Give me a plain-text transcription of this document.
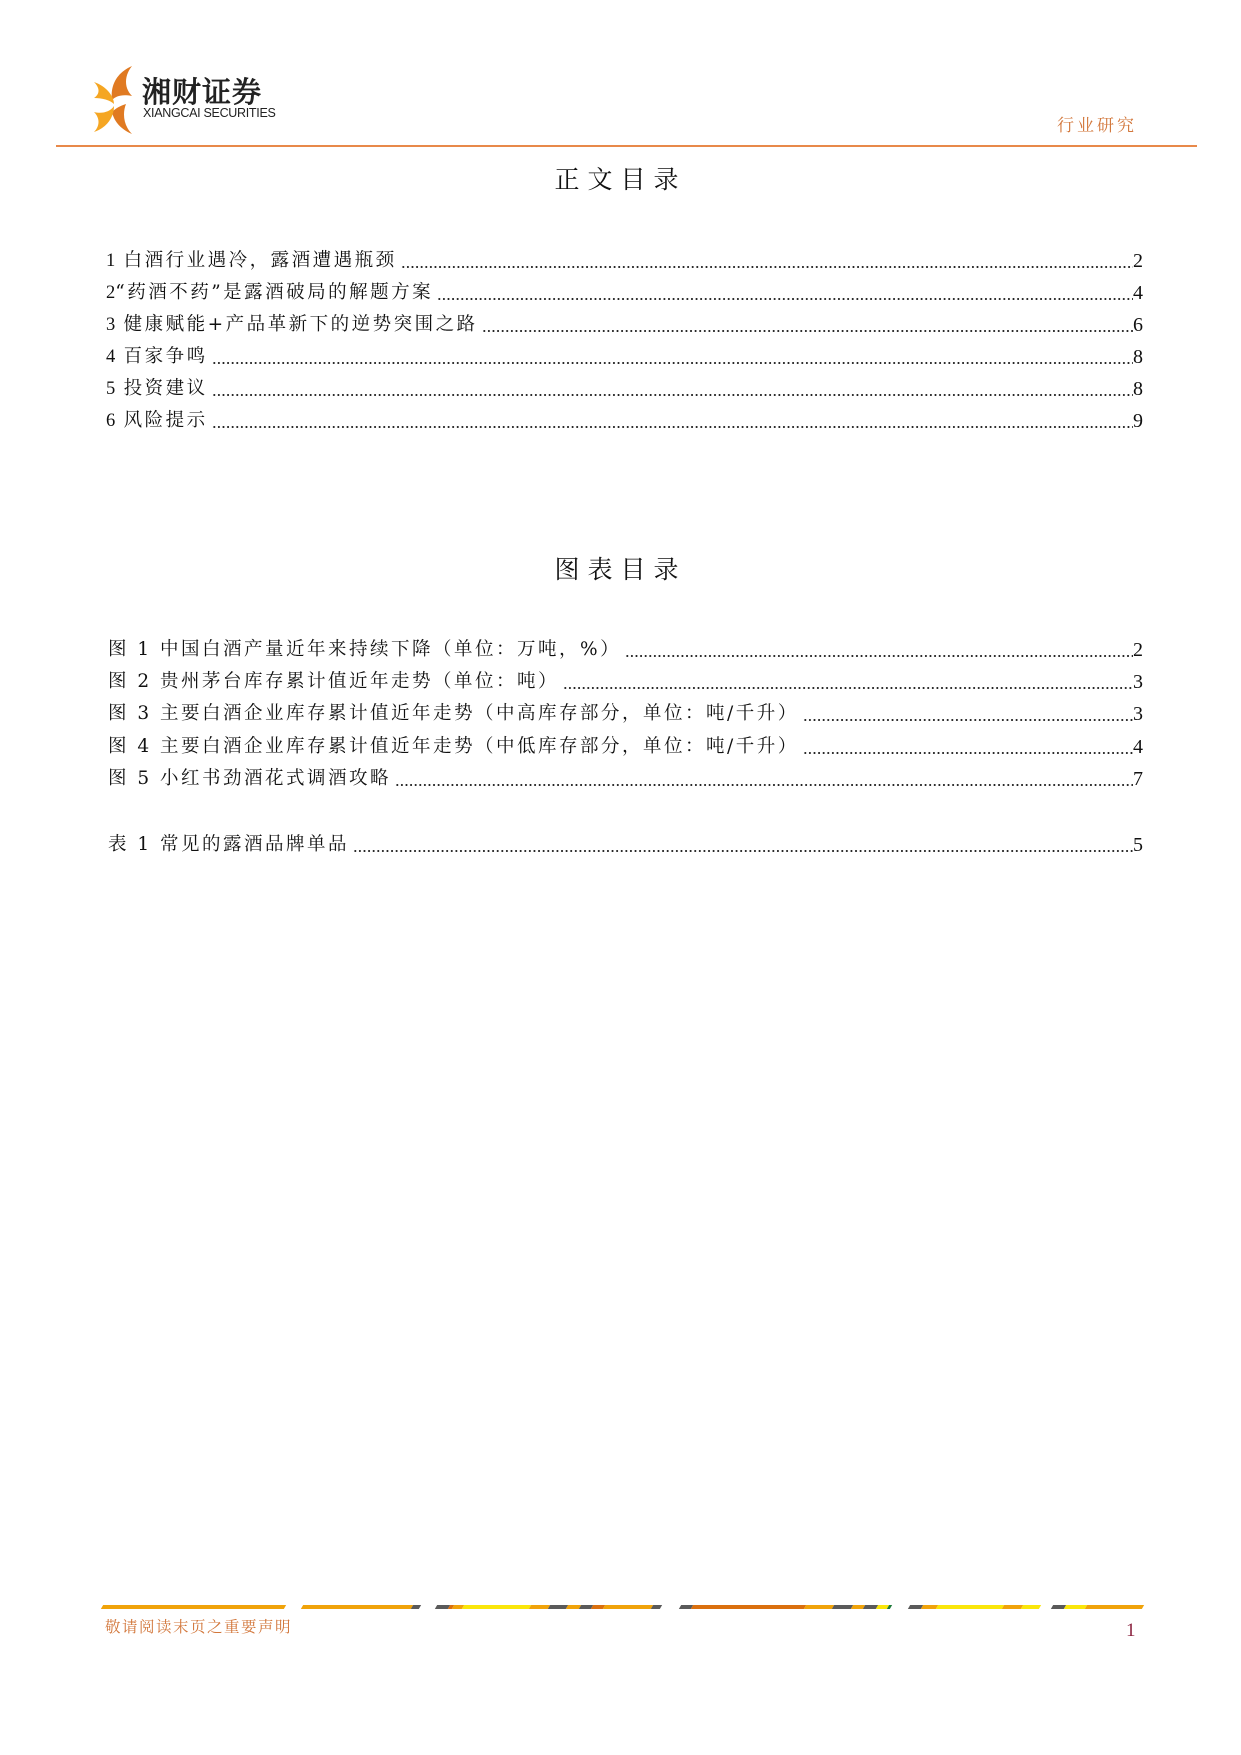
湘财证券
XIANGCAI SECURITIES
行业研究
正文目录
1 白酒行业遇冷，露酒遭遇瓶颈	2
2“药酒不药”是露酒破局的解题方案	4
3 健康赋能+产品革新下的逆势突围之路	6
4 百家争鸣	8
5 投资建议	8
6 风险提示	9
图表目录
图 1 中国白酒产量近年来持续下降（单位：万吨，%）	2
图 2 贵州茅台库存累计值近年走势（单位：吨）	3
图 3 主要白酒企业库存累计值近年走势（中高库存部分，单位：吨/千升）	3
图 4 主要白酒企业库存累计值近年走势（中低库存部分，单位：吨/千升）	4
图 5 小红书劲酒花式调酒攻略	7
表 1 常见的露酒品牌单品	5
敬请阅读末页之重要声明	1
